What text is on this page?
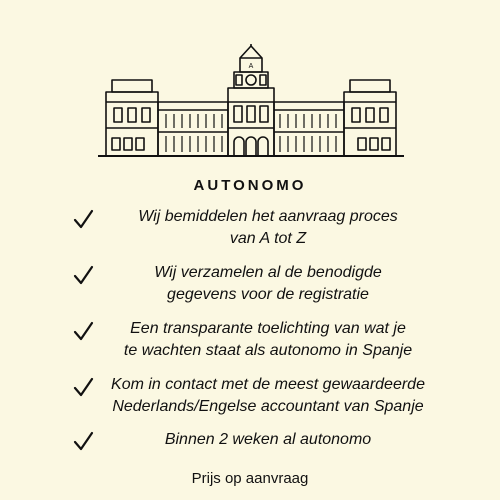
A
AUTONOMO
Wij bemiddelen het aanvraag proces
van A tot Z
Wij verzamelen al de benodigde
gegevens voor de registratie
Een transparante toelichting van wat je
te wachten staat als autonomo in Spanje
Kom in contact met de meest gewaardeerde
Nederlands/Engelse accountant van Spanje
Binnen 2 weken al autonomo
Prijs op aanvraag
